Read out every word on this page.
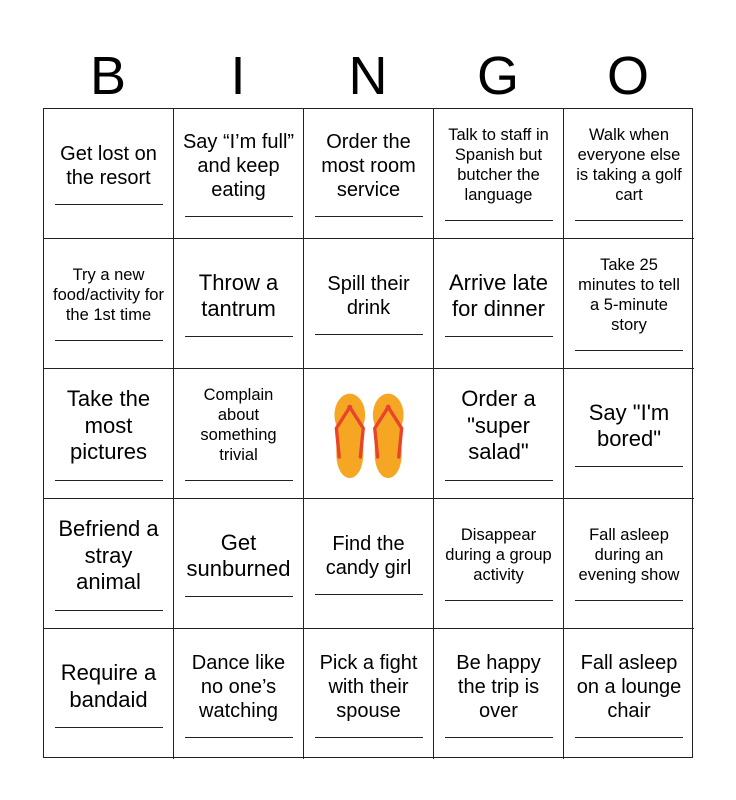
B	I	N	G	O
Get lost on the resort
Say “I’m full” and keep eating
Order the most room service
Talk to staff in Spanish but butcher the language
Walk when everyone else is taking a golf cart
Try a new food/activity for the 1st time
Throw a tantrum
Spill their drink
Arrive late for dinner
Take 25 minutes to tell a 5-minute story
Take the most pictures
Complain about something trivial
Order a "super salad"
Say "I'm bored"
Befriend a stray animal
Get sunburned
Find the candy girl
Disappear during a group activity
Fall asleep during an evening show
Require a bandaid
Dance like no one’s watching
Pick a fight with their spouse
Be happy the trip is over
Fall asleep on a lounge chair
